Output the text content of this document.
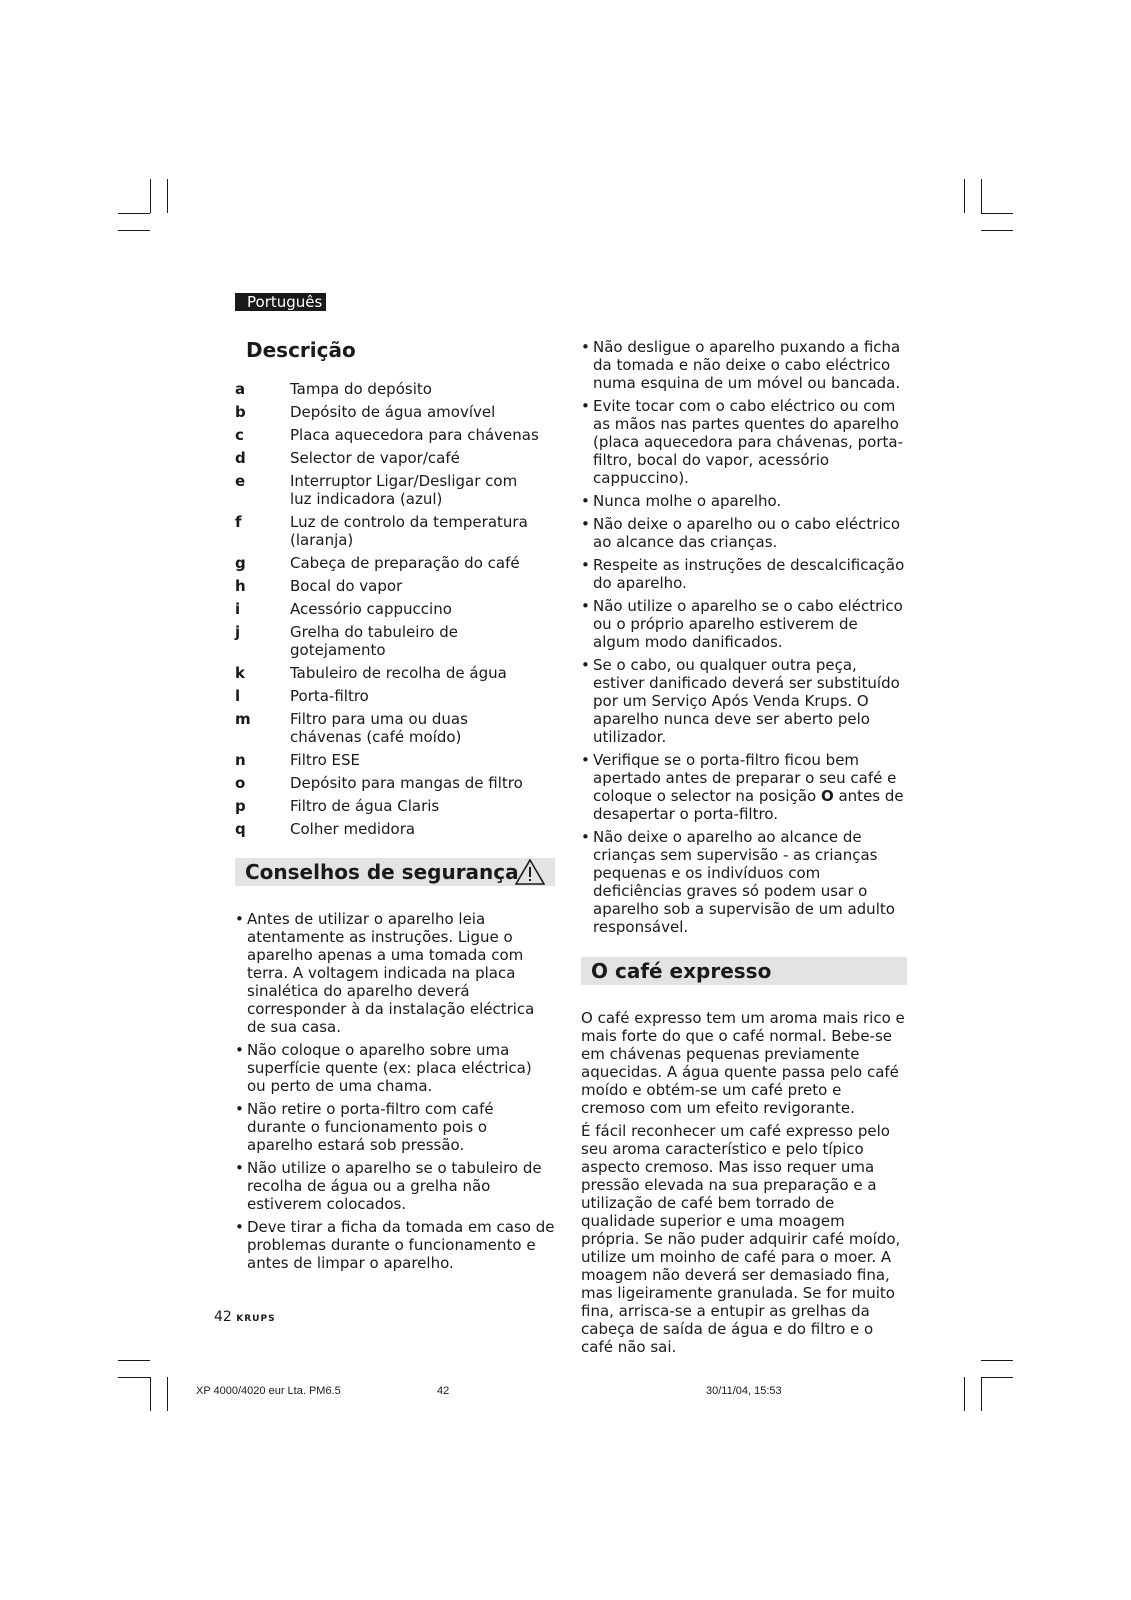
Português
Descrição
a	Tampa do depósito
b	Depósito de água amovível
c	Placa aquecedora para chávenas
d	Selector de vapor/café
e	Interruptor Ligar/Desligar com luz indicadora (azul)
f	Luz de controlo da temperatura (laranja)
g	Cabeça de preparação do café
h	Bocal do vapor
i	Acessório cappuccino
j	Grelha do tabuleiro de gotejamento
k	Tabuleiro de recolha de água
l	Porta-filtro
m	Filtro para uma ou duas chávenas (café moído)
n	Filtro ESE
o	Depósito para mangas de filtro
p	Filtro de água Claris
q	Colher medidora
Conselhos de segurança
• Antes de utilizar o aparelho leia atentamente as instruções. Ligue o aparelho apenas a uma tomada com terra. A voltagem indicada na placa sinalética do aparelho deverá corresponder à da instalação eléctrica de sua casa.
• Não coloque o aparelho sobre uma superfície quente (ex: placa eléctrica) ou perto de uma chama.
• Não retire o porta-filtro com café durante o funcionamento pois o aparelho estará sob pressão.
• Não utilize o aparelho se o tabuleiro de recolha de água ou a grelha não estiverem colocados.
• Deve tirar a ficha da tomada em caso de problemas durante o funcionamento e antes de limpar o aparelho.
• Não desligue o aparelho puxando a ficha da tomada e não deixe o cabo eléctrico numa esquina de um móvel ou bancada.
• Evite tocar com o cabo eléctrico ou com as mãos nas partes quentes do aparelho (placa aquecedora para chávenas, porta-filtro, bocal do vapor, acessório cappuccino).
• Nunca molhe o aparelho.
• Não deixe o aparelho ou o cabo eléctrico ao alcance das crianças.
• Respeite as instruções de descalcificação do aparelho.
• Não utilize o aparelho se o cabo eléctrico ou o próprio aparelho estiverem de algum modo danificados.
• Se o cabo, ou qualquer outra peça, estiver danificado deverá ser substituído por um Serviço Após Venda Krups. O aparelho nunca deve ser aberto pelo utilizador.
• Verifique se o porta-filtro ficou bem apertado antes de preparar o seu café e coloque o selector na posição O antes de desapertar o porta-filtro.
• Não deixe o aparelho ao alcance de crianças sem supervisão - as crianças pequenas e os indivíduos com deficiências graves só podem usar o aparelho sob a supervisão de um adulto responsável.
O café expresso

O café expresso tem um aroma mais rico e mais forte do que o café normal. Bebe-se em chávenas pequenas previamente aquecidas. A água quente passa pelo café moído e obtém-se um café preto e cremoso com um efeito revigorante.

É fácil reconhecer um café expresso pelo seu aroma característico e pelo típico aspecto cremoso. Mas isso requer uma pressão elevada na sua preparação e a utilização de café bem torrado de qualidade superior e uma moagem própria. Se não puder adquirir café moído, utilize um moinho de café para o moer. A moagem não deverá ser demasiado fina, mas ligeiramente granulada. Se for muito fina, arrisca-se a entupir as grelhas da cabeça de saída de água e do filtro e o café não sai.

42 KRUPS
XP 4000/4020 eur Lta. PM6.5	42	30/11/04, 15:53
